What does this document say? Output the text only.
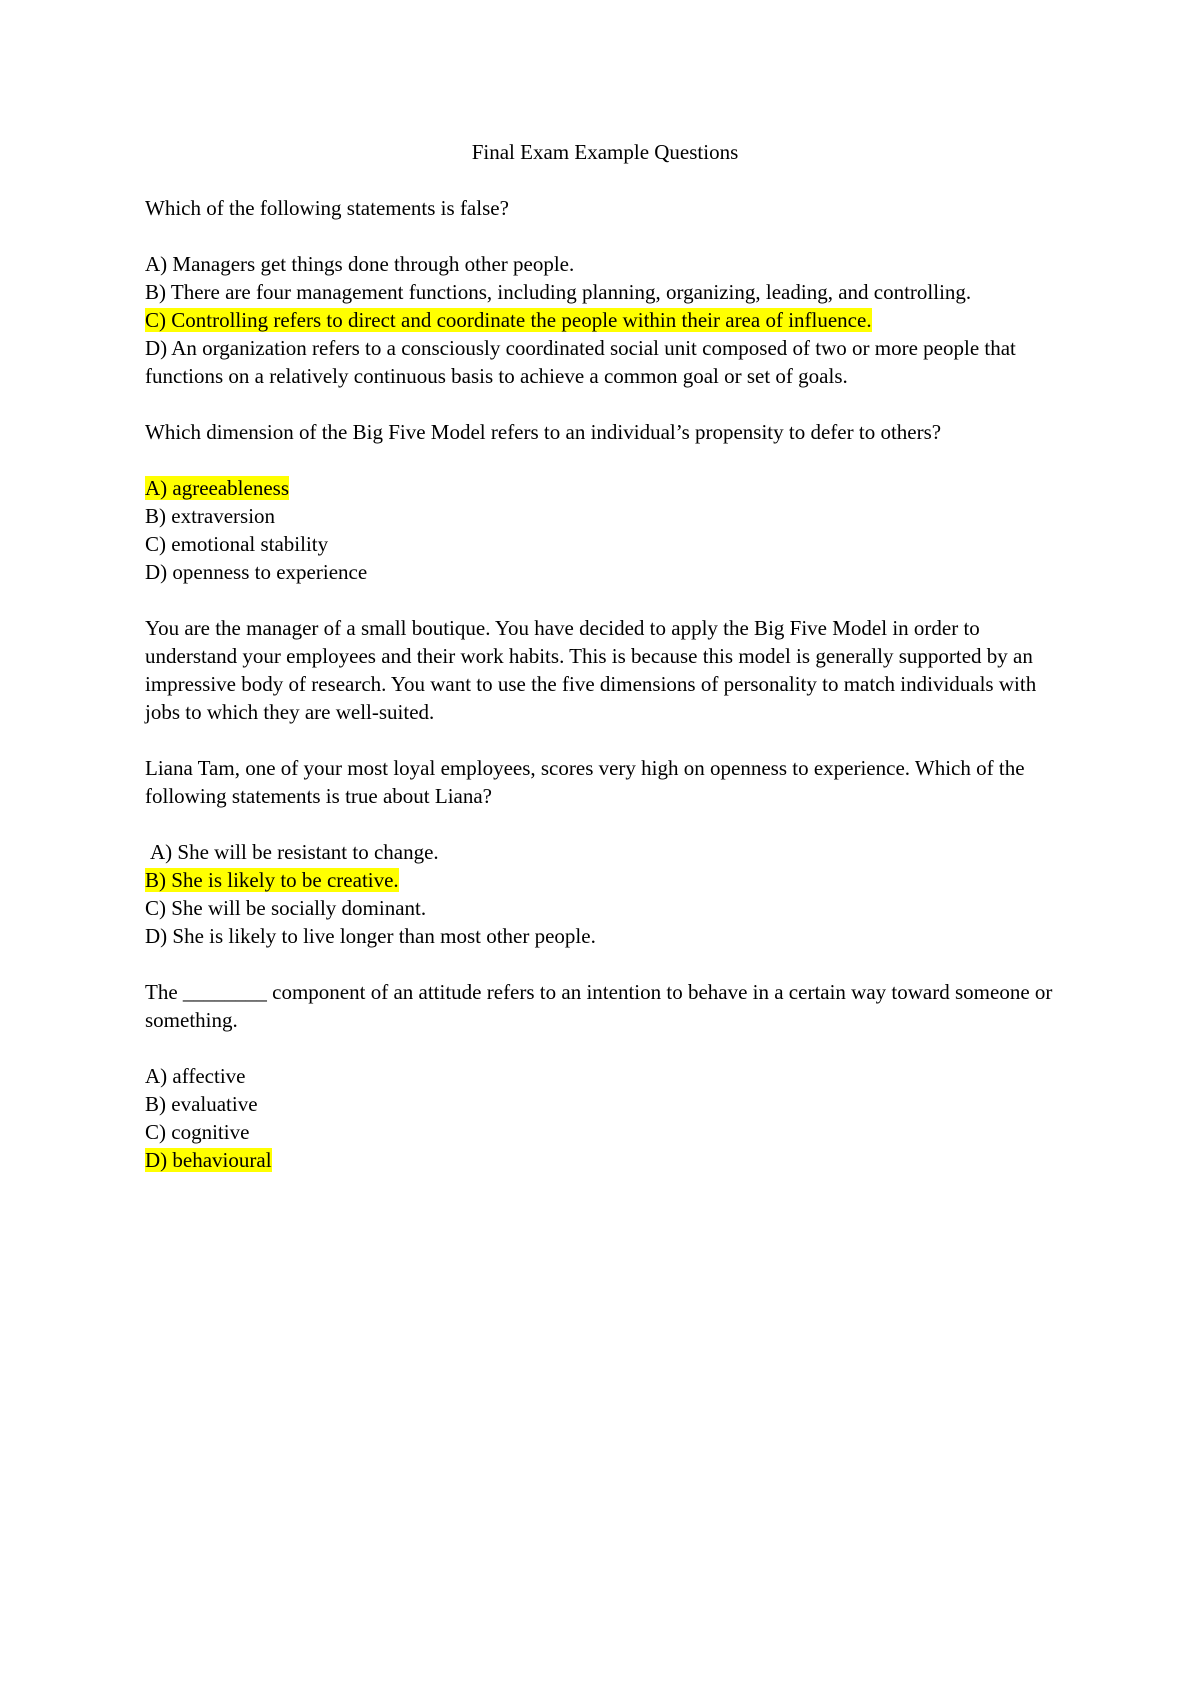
Final Exam Example Questions
Which of the following statements is false?
A) Managers get things done through other people.
B) There are four management functions, including planning, organizing, leading, and controlling.
C) Controlling refers to direct and coordinate the people within their area of influence.
D) An organization refers to a consciously coordinated social unit composed of two or more people that functions on a relatively continuous basis to achieve a common goal or set of goals.
Which dimension of the Big Five Model refers to an individual’s propensity to defer to others?
A) agreeableness
B) extraversion
C) emotional stability
D) openness to experience
You are the manager of a small boutique. You have decided to apply the Big Five Model in order to understand your employees and their work habits. This is because this model is generally supported by an impressive body of research. You want to use the five dimensions of personality to match individuals with jobs to which they are well-suited.
Liana Tam, one of your most loyal employees, scores very high on openness to experience. Which of the following statements is true about Liana?
A) She will be resistant to change.
B) She is likely to be creative.
C) She will be socially dominant.
D) She is likely to live longer than most other people.
The ________ component of an attitude refers to an intention to behave in a certain way toward someone or something.
A) affective
B) evaluative
C) cognitive
D) behavioural
